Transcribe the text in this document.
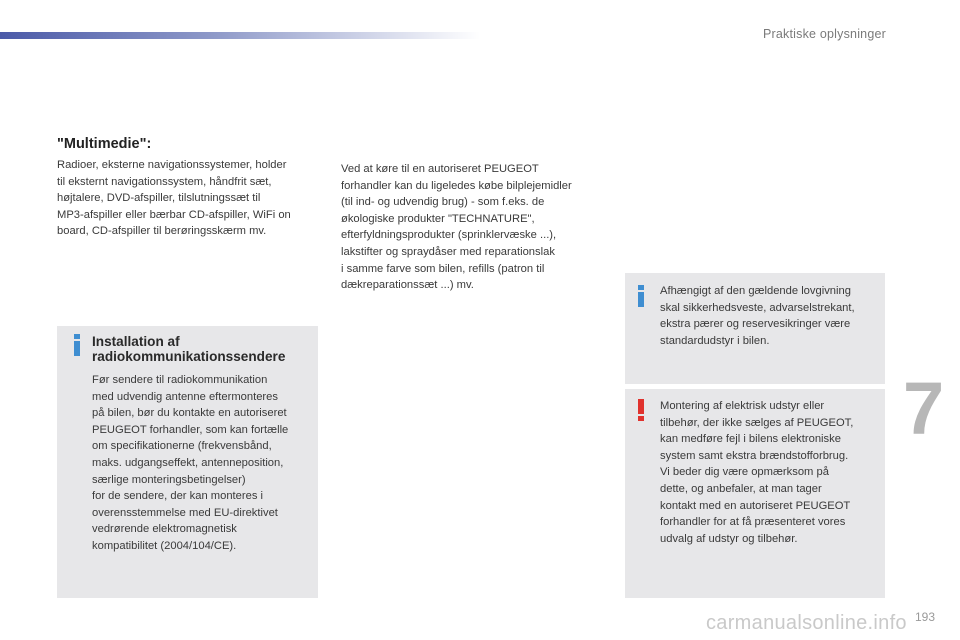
Praktiske oplysninger
"Multimedie":

Radioer, eksterne navigationssystemer, holder
til eksternt navigationssystem, håndfrit sæt,
højtalere, DVD-afspiller, tilslutningssæt til
MP3-afspiller eller bærbar CD-afspiller, WiFi on
board, CD-afspiller til berøringsskærm mv.

Ved at køre til en autoriseret PEUGEOT
forhandler kan du ligeledes købe bilplejemidler
(til ind- og udvendig brug) - som f.eks. de
økologiske produkter "TECHNATURE",
efterfyldningsprodukter (sprinklervæske ...),
lakstifter og spraydåser med reparationslak
i samme farve som bilen, refills (patron til
dækreparationssæt ...) mv.

Installation af
radiokommunikationssendere

Før sendere til radiokommunikation
med udvendig antenne eftermonteres
på bilen, bør du kontakte en autoriseret
PEUGEOT forhandler, som kan fortælle
om specifikationerne (frekvensbånd,
maks. udgangseffekt, antenneposition,
særlige monteringsbetingelser)
for de sendere, der kan monteres i
overensstemmelse med EU-direktivet
vedrørende elektromagnetisk
kompatibilitet (2004/104/CE).

Afhængigt af den gældende lovgivning
skal sikkerhedsveste, advarselstrekant,
ekstra pærer og reservesikringer være
standardudstyr i bilen.

Montering af elektrisk udstyr eller
tilbehør, der ikke sælges af PEUGEOT,
kan medføre fejl i bilens elektroniske
system samt ekstra brændstofforbrug.
Vi beder dig være opmærksom på
dette, og anbefaler, at man tager
kontakt med en autoriseret PEUGEOT
forhandler for at få præsenteret vores
udvalg af udstyr og tilbehør.

7
carmanualsonline.info 193
